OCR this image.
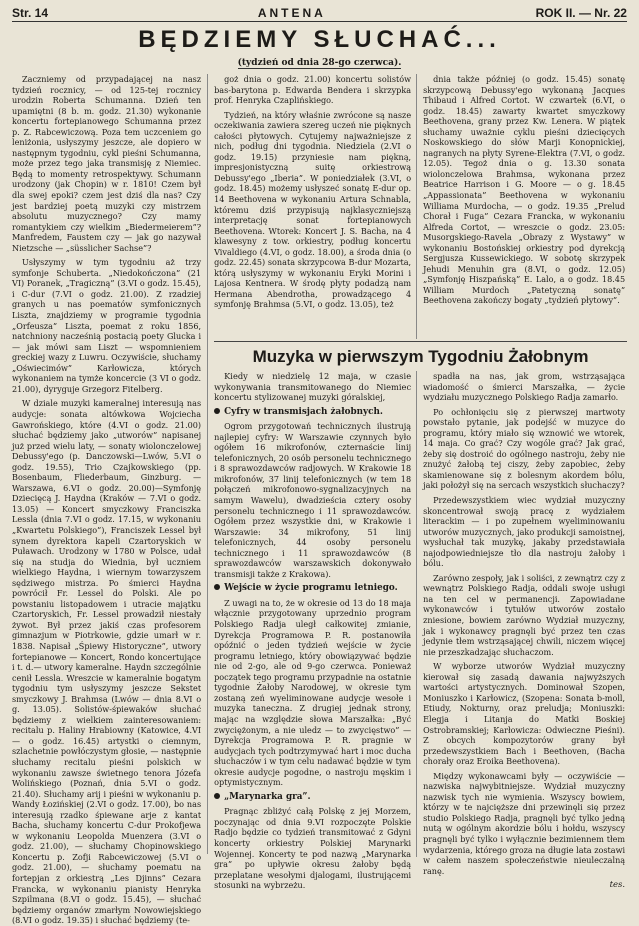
Str. 14	ANTENA	ROK II. — Nr. 22
BĘDZIEMY SŁUCHAĆ...
(tydzień od dnia 28-go czerwca).

Zaczniemy od przypadającej na nasz tydzień rocznicy, — od 125-tej rocznicy urodzin Roberta Schumanna. Dzień ten upamiętni (8 b. m. godz. 21.30) wykonanie koncertu fortepianowego Schumanna przez p. Z. Rabcewiczową. Poza tem uczceniem go leniżonia, usłyszymy jeszcze, ale dopiero w następnym tygodniu, cykl pieśni Schumanna, może przez tego jaka transmisję z Niemiec. Będą to momenty retrospektywy. Schumann urodzony (jak Chopin) w r. 1810! Czem był dla swej epoki? czem jest dziś dla nas? Czy jest bardziej poetą muzyki czy mistrzem absolutu muzycznego? Czy mamy romantykiem czy wielkim „Biedermeierem”? Manfredem, Faustem czy — jak go nazywał Nietzsche — „süsslicher Sachse”?

Usłyszymy w tym tygodniu aż trzy symfonje Schuberta. „Niedokończona” (21 VI) Poranek, „Tragiczną” (3.VI o godz. 15.45), i C-dur (7.VI o godz. 21.00). Z rzadziej granych u nas poematów symfonicznych Liszta, znajdziemy w programie tygodnia „Orfeusza” Liszta, poemat z roku 1856, natchniony nacześnią postacią poety Glucka i — jak mówi sam Liszt — wspomnieniem greckiej wazy z Luwru. Oczywiście, słuchamy „Oświecimów” Karłowicza, których wykonaniem na tymże koncercie (3 VI o godz. 21.00), dyryguje Grzegorz Fitelberg.

W dziale muzyki kameralnej interesują nas audycje: sonata altówkowa Wojciecha Gawrońskiego, które (4.VI o godz. 21.00) słuchać będziemy jako „utworów” napisanej już przed wielu laty, — sonaty wiolonczelowej Debussy'ego (p. Danczowski—Lwów, 5.VI o godz. 19.55), Trio Czajkowskiego (pp. Bosenbaum, Fliederbaum, Ginzburg. — Warszawa, 6.VI o godz. 20.00)—Symfonję Dziecięcą J. Haydna (Kraków — 7.VI o godz. 13.05) — Koncert smyczkowy Franciszka Lessla (dnia 7.VI o godz. 17.15, w wykonaniu „Kwartetu Polskiego”), Franciszek Lessel był synem dyrektora kapeli Czartoryskich w Puławach. Urodzony w 1780 w Polsce, udał się na studja do Wiednia, był uczniem wielkiego Haydna, i wiernym towarzyszem sędziwego mistrza. Po śmierci Haydna powrócił Fr. Lessel do Polski. Ale po powstaniu listopadowem i utracie majątku Czartoryskich, Fr. Lessel prowadził niestały żywot. Był przez jakiś czas profesorem gimnazjum w Piotrkowie, gdzie umarł w r. 1838. Napisał „Śpiewy Historyczne”, utwory fortepianowe — Koncert, Rondo koncertujące i t. d.— utwory kameralne. Haydn szczególnie cenił Lessla. Wreszcie w kameralnie bogatym tygodniu tym usłyszymy jeszcze Sekstet smyczkowy J. Brahmsa (Lwów — dnia 8.VI o g. 13.05). Solistów-śpiewaków słuchać będziemy z wielkiem zainteresowaniem: recitalu p. Haliny Hrabiowny (Katowice, 4.VI — o godz. 16.45) artystki o ciemnym, szlachetnie powłóczystym głosie, — następnie słuchamy recitalu pieśni polskich w wykonaniu zawsze świetnego tenora Józefa Wolińskiego (Poznań, dnia 5.VI o godz. 21.40). Słuchamy arij i pieśni w wykonaniu p. Wandy Łozińskiej (2.VI o godz. 17.00), bo nas interesują rzadko śpiewane arje z kantat Bacha, słuchamy koncertu C-dur Prokofjewa w wykonaniu Leopolda Muenzera (3.VI o godz. 21.00), — słuchamy Chopinowskiego Koncertu p. Zofji Rabcewiczowej (5.VI o godz. 21.00), — słuchamy poematu na fortepjan z orkiestrą „Les Djinns” Cezara Francka, w wykonaniu pianisty Henryka Szpilmana (8.VI o godz. 15.45), — słuchać będziemy organów zmarłym Nowowiejskiego (8.VI o godz. 19.35) i słuchać będziemy (te-

goż dnia o godz. 21.00) koncertu solistów bas-barytona p. Edwarda Bendera i skrzypka prof. Henryka Czaplińskiego.

Tydzień, na który właśnie zwrócone są nasze oczekiwania zawiera szereg uczeń nie pięknych całości płytowych. Cytujemy najważniejsze z nich, podług dni tygodnia. Niedziela (2.VI o godz. 19.15) przyniesie nam piękną, impresjonistyczną suitę orkiestrową Debussy'ego „Iberia”. W poniedziałek (3.VI, o godz. 18.45) możemy usłyszeć sonatę E-dur op. 14 Beethovena w wykonaniu Artura Schnabla, któremu dziś przypisują najklasyczniejszą interpretację sonat fortepianowych Beethovena. Wtorek: Koncert J. S. Bacha, na 4 klawesyny z tow. orkiestry, podług koncertu Vivaldiego (4.VI, o godz. 18.00), a środa dnia (o godz. 22.45) sonata skrzypcowa B-dur Mozarta, którą usłyszymy w wykonaniu Eryki Morini i Lajosa Kentnera. W środę płyty podadzą nam Hermana Abendrotha, prowadzącego 4 symfonję Brahmsa (5.VI, o godz. 13.05), też

dnia także później (o godz. 15.45) sonatę skrzypcową Debussy'ego wykonaną Jacques Thibaud i Alfred Cortot. W czwartek (6.VI, o godz. 18.45) zawarty kwartet smyczkowy Beethovena, grany przez Kw. Lenera. W piątek słuchamy uważnie cyklu pieśni dziecięcych Noskowskiego do słów Marji Konopnickiej, nagranych na płyty Syrene-Elektra (7.VI, o godz. 12.05). Tegoż dnia o g. 13.30 sonata wiolonczelowa Brahmsa, wykonana przez Beatrice Harrison i G. Moore — o g. 18.45 „Appassionata” Beethovena w wykonaniu Williama Murdocha, — o godz. 19.35 „Prelud Chorał i Fuga” Cezara Francka, w wykonaniu Alfreda Cortot, — wreszcie o godz. 23.05: Musorgskiego-Ravela „Obrazy z Wystawy” w wykonaniu Bostońskiej orkiestry pod dyrekcją Sergjusza Kussewickiego. W sobotę skrzypek Jehudi Menuhin gra (8.VI, o godz. 12.05) „Symfonję Hiszpańską” E. Lalo, a o godz. 18.45 William Murdoch „Patetyczną sonatę” Beethovena zakończy bogaty „tydzień płytowy”.

Muzyka w pierwszym Tygodniu Żałobnym

Kiedy w niedzielę 12 maja, w czasie wykonywania transmitowanego do Niemiec koncertu stylizowanej muzyki góralskiej,

Cyfry w transmisjach żałobnych.

Ogrom przygotowań technicznych ilustrują najlepiej cyfry: W Warszawie czynnych było ogółem 16 mikrofonów, czternaście linij telefonicznych, 20 osób personelu technicznego i 8 sprawozdawców radjowych. W Krakowie 18 mikrofonów, 37 linij telefonicznych (w tem 18 połączeń mikrofonowo-sygnalizacyjnych na samym Wawelu), dwadzieścia cztery osoby personelu technicznego i 11 sprawozdawców. Ogółem przez wszystkie dni, w Krakowie i Warszawie: 34 mikrofony, 51 linij telefonicznych, 44 osoby personelu technicznego i 11 sprawozdawców (8 sprawozdawców warszawskich dokonywało transmisji także z Krakowa).

Wejście w życie programu letniego.

Z uwagi na to, że w okresie od 13 do 18 maja włącznie przygotowany uprzednio program Polskiego Radja uległ całkowitej zmianie, Dyrekcja Programowa P. R. postanowiła opóźnić o jeden tydzień wejście w życie programu letniego, który obowiązywać będzie nie od 2-go, ale od 9-go czerwca. Ponieważ początek tego programu przypadnie na ostatnie tygodnie Żałoby Narodowej, w okresie tym zostaną zeń wyeliminowane audycje wesołe i muzyka taneczna. Z drugiej jednak strony, mając na względzie słowa Marszałka: „Być zwyciężonym, a nie uledz — to zwycięstwo” — Dyrekcja Programowa P. R. pragnie w audycjach tych podtrzymywać hart i moc ducha słuchaczów i w tym celu nadawać będzie w tym okresie audycje pogodne, o nastroju męskim i optymistycznym.

„Marynarka gra”.

Pragnąc zbliżyć całą Polskę z jej Morzem, poczynając od dnia 9.VI rozpoczęte Polskie Radjo będzie co tydzień transmitować z Gdyni koncerty orkiestry Polskiej Marynarki Wojennej. Koncerty te pod nazwą „Marynarka gra” po upływie okresu żałoby będą przeplatane wesołymi djalogami, ilustrującemi stosunki na wybrzeżu.

spadła na nas, jak grom, wstrząsająca wiadomość o śmierci Marszałka, — życie wydziału muzycznego Polskiego Radja zamarło.

Po ochłonięciu się z pierwszej martwoty powstało pytanie, jak podejść w muzyce do programu, który miało się wznowić we wtorek, 14 maja. Co grać? Czy wogóle grać? Jak grać, żeby się dostroić do ogólnego nastroju, żeby nie znużyć żałobą tej ciszy, żeby zapobiec, żeby skamienowane się z bolesnym akordem bólu, jaki położył się na sercach wszystkich słuchaczy?

Przedewszystkiem wiec wydział muzyczny skoncentrował swoją pracę z wydziałem literackim — i po zupełnem wyeliminowaniu utworów muzycznych, jako produkcji samoistnej, wysłuchał tak muzykę, jakaby przedstawiała najodpowiedniejsze tło dla nastroju żałoby i bólu.

Zarówno zespoły, jak i soliści, z zewnątrz czy z wewnątrz Polskiego Radja, oddali swoje usługi na ten cel w permanencji. Zapowiadane wykonawców i tytułów utworów zostało zniesione, bowiem zarówno Wydział muzyczny, jak i wykonawcy pragnęli być przez ten czas jedynie tłem wstrząsającej chwili, niczem więcej nie przeszkadzając słuchaczom.

W wyborze utworów Wydział muzyczny kierował się zasadą dawania najwyższych wartości artystycznych. Dominował Szopen, Moniuszko i Karłowicz, (Szopena: Sonata b-moll, Etiudy, Nokturny, oraz preludja; Moniuszki: Elegja i Litanja do Matki Boskiej Ostrobramskiej; Karłowicza: Odwieczne Pieśni). Z obcych kompozytorów grany był przedewszystkiem Bach i Beethoven, (Bacha chorały oraz Eroika Beethovena).

Między wykonawcami były — oczywiście — nazwiska najwybitniejsze. Wydział muzyczny nazwisk tych nie wymienia. Wszyscy bowiem, którzy w te najcięższe dni przewinęli się przez studio Polskiego Radja, pragnęli być tylko jedną nutą w ogólnym akordzie bólu i hołdu, wszyscy pragnęli być tylko i wyłącznie bezimiennem tłem wydarzenia, którego groza na długie lata zostawi w całem naszem społeczeństwie nieuleczalną ranę.

tes.
